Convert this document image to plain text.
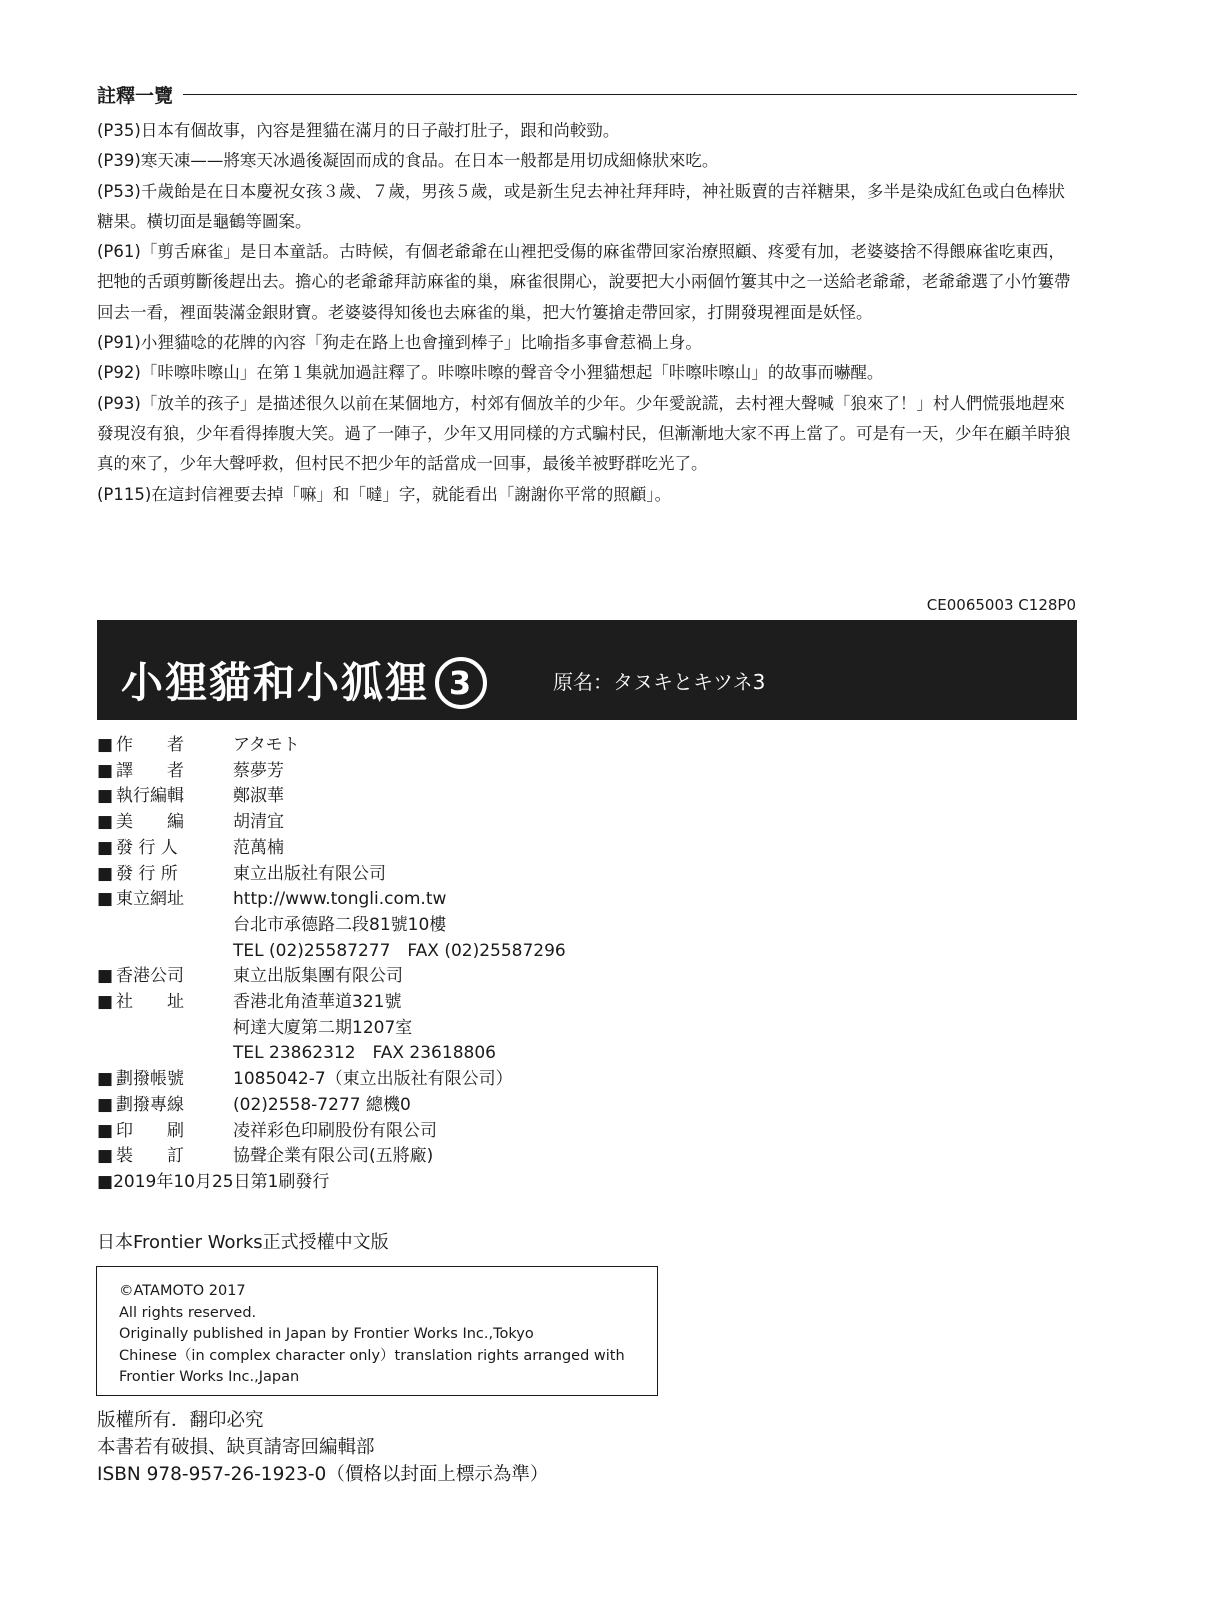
註釋一覽

(P35)日本有個故事，內容是狸貓在滿月的日子敲打肚子，跟和尚較勁。

(P39)寒天凍——將寒天冰過後凝固而成的食品。在日本一般都是用切成細條狀來吃。

(P53)千歲飴是在日本慶祝女孩３歲、７歲，男孩５歲，或是新生兒去神社拜拜時，神社販賣的吉祥糖果，多半是染成紅色或白色棒狀糖果。橫切面是龜鶴等圖案。

(P61)「剪舌麻雀」是日本童話。古時候，有個老爺爺在山裡把受傷的麻雀帶回家治療照顧、疼愛有加，老婆婆捨不得餵麻雀吃東西，把牠的舌頭剪斷後趕出去。擔心的老爺爺拜訪麻雀的巢，麻雀很開心，說要把大小兩個竹簍其中之一送給老爺爺，老爺爺選了小竹簍帶回去一看，裡面裝滿金銀財寶。老婆婆得知後也去麻雀的巢，把大竹簍搶走帶回家，打開發現裡面是妖怪。

(P91)小狸貓唸的花牌的內容「狗走在路上也會撞到棒子」比喻指多事會惹禍上身。

(P92)「咔嚓咔嚓山」在第１集就加過註釋了。咔嚓咔嚓的聲音令小狸貓想起「咔嚓咔嚓山」的故事而嚇醒。

(P93)「放羊的孩子」是描述很久以前在某個地方，村郊有個放羊的少年。少年愛說謊，去村裡大聲喊「狼來了！」村人們慌張地趕來發現沒有狼，少年看得捧腹大笑。過了一陣子，少年又用同樣的方式騙村民，但漸漸地大家不再上當了。可是有一天，少年在顧羊時狼真的來了，少年大聲呼救，但村民不把少年的話當成一回事，最後羊被野群吃光了。

(P115)在這封信裡要去掉「嘛」和「噠」字，就能看出「謝謝你平常的照顧」。

CE0065003 C128P0
小狸貓和小狐狸 3	原名：タヌキとキツネ3
■ 作　　者	アタモト
■ 譯　　者	蔡夢芳
■ 執行編輯	鄭淑華
■ 美　　編	胡清宜
■ 發 行 人	范萬楠
■ 發 行 所	東立出版社有限公司
■ 東立網址	http://www.tongli.com.tw
台北市承德路二段81號10樓
TEL (02)25587277　FAX (02)25587296
■ 香港公司	東立出版集團有限公司
■ 社　　址	香港北角渣華道321號
柯達大廈第二期1207室
TEL 23862312　FAX 23618806
■ 劃撥帳號	1085042-7（東立出版社有限公司）
■ 劃撥專線	(02)2558-7277 總機0
■ 印　　刷	凌祥彩色印刷股份有限公司
■ 裝　　訂	協聲企業有限公司(五將廠)
■ 2019年10月25日第1刷發行
日本Frontier Works正式授權中文版
©ATAMOTO 2017
All rights reserved.
Originally published in Japan by Frontier Works Inc.,Tokyo
Chinese（in complex character only）translation rights arranged with
Frontier Works Inc.,Japan
版權所有．翻印必究
本書若有破損、缺頁請寄回編輯部
ISBN 978-957-26-1923-0（價格以封面上標示為準）
